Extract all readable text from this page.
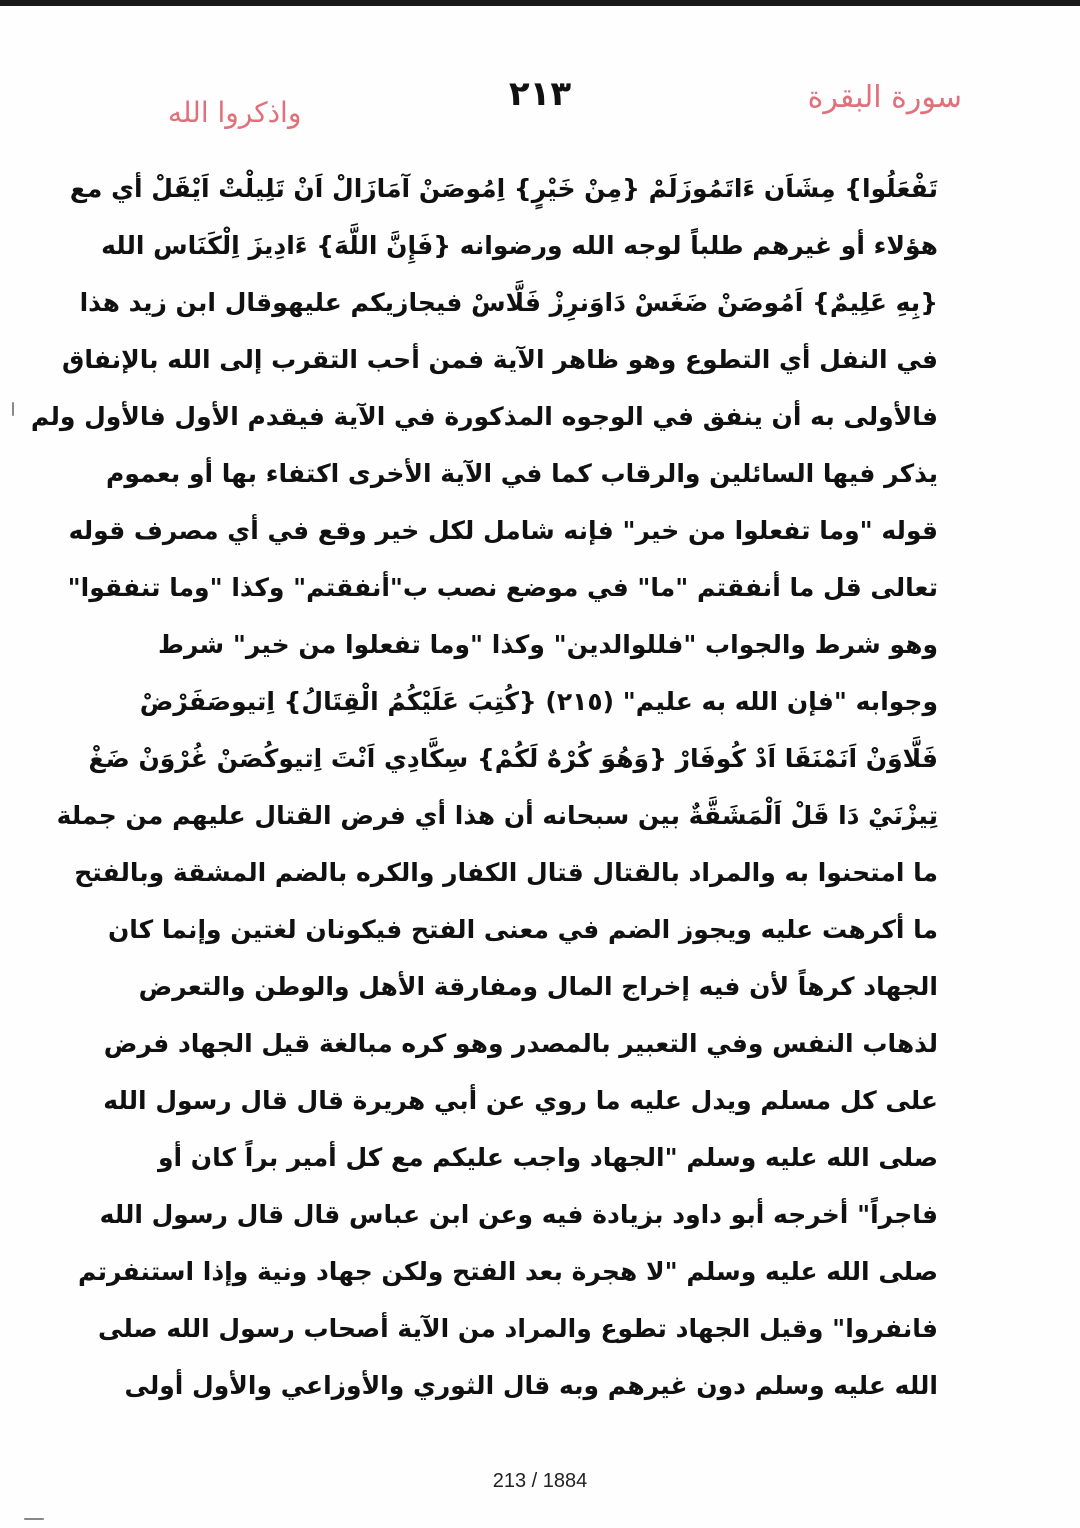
سورة البقرة
٢١٣
واذكروا الله
تَفْعَلُوا} مِشَاَن ءَاتَمُوزَلَمْ {مِنْ خَيْرٍ} اِمُوصَنْ آمَازَالْ اَنْ تَلِيلْتْ اَيْقَلْ أي مع
هؤلاء أو غيرهم طلباً لوجه الله ورضوانه {فَإِنَّ اللَّهَ} ءَادِيزَ اِلْكَنَاس الله
{بِهِ عَلِيمٌ} اَمُوصَنْ ضَغَسْ دَاوَنرِزْ فَلَّاسْ فيجازيكم عليهوقال ابن زيد هذا
في النفل أي التطوع وهو ظاهر الآية فمن أحب التقرب إلى الله بالإنفاق
فالأولى به أن ينفق في الوجوه المذكورة في الآية فيقدم الأول فالأول ولم
يذكر فيها السائلين والرقاب كما في الآية الأخرى اكتفاء بها أو بعموم
قوله "وما تفعلوا من خير" فإنه شامل لكل خير وقع في أي مصرف قوله
تعالى قل ما أنفقتم "ما" في موضع نصب ب"أنفقتم" وكذا "وما تنفقوا"
وهو شرط والجواب "فللوالدين" وكذا "وما تفعلوا من خير" شرط
وجوابه "فإن الله به عليم" (٢١٥) {كُتِبَ عَلَيْكُمُ الْقِتَالُ} اِتيوصَفَرْضْ
فَلَّاوَنْ اَنَمْنَقَا اَدْ كُوفَارْ {وَهُوَ كُرْهٌ لَكُمْ} سِكَّادِي اَنْتَ اِتيوكُصَنْ غُرْوَنْ ضَغْ
تِيزْنَيْ دَا قَلْ اَلْمَشَقَّةٌ بين سبحانه أن هذا أي فرض القتال عليهم من جملة
ما امتحنوا به والمراد بالقتال قتال الكفار والكره بالضم المشقة وبالفتح
ما أكرهت عليه ويجوز الضم في معنى الفتح فيكونان لغتين وإنما كان
الجهاد كرهاً لأن فيه إخراج المال ومفارقة الأهل والوطن والتعرض
لذهاب النفس وفي التعبير بالمصدر وهو كره مبالغة قيل الجهاد فرض
على كل مسلم ويدل عليه ما روي عن أبي هريرة قال قال رسول الله
صلى الله عليه وسلم "الجهاد واجب عليكم مع كل أمير براً كان أو
فاجراً" أخرجه أبو داود بزيادة فيه وعن ابن عباس قال قال رسول الله
صلى الله عليه وسلم "لا هجرة بعد الفتح ولكن جهاد ونية وإذا استنفرتم
فانفروا" وقيل الجهاد تطوع والمراد من الآية أصحاب رسول الله صلى
الله عليه وسلم دون غيرهم وبه قال الثوري والأوزاعي والأول أولى
213 / 1884
